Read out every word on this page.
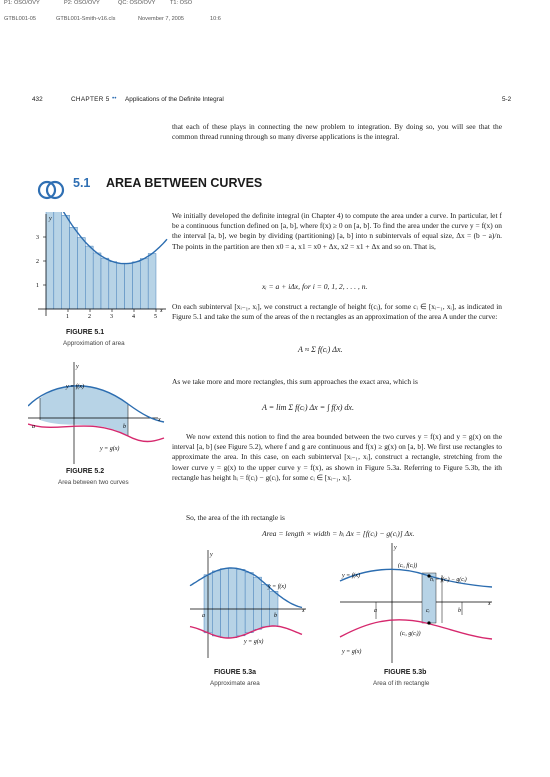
P1: OSO/OVY	P2: OSO/OVY	QC: OSO/OVY	T1: OSO
GTBL001-05	GTBL001-Smith-v16.cls	November 7, 2005	10:6
432	CHAPTER 5 •• Applications of the Definite Integral	5-2
that each of these plays in connecting the new problem to integration. By doing so, you will see that the common thread running through so many diverse applications is the integral.
5.1 AREA BETWEEN CURVES
We initially developed the definite integral (in Chapter 4) to compute the area under a curve. In particular, let f be a continuous function defined on [a, b], where f(x) ≥ 0 on [a, b]. To find the area under the curve y = f(x) on the interval [a, b], we begin by dividing (partitioning) [a, b] into n subintervals of equal size, Δx = (b − a)/n. The points in the partition are then x0 = a, x1 = x0 + Δx, x2 = x1 + Δx and so on. That is,
xᵢ = a + iΔx, for i = 0, 1, 2, . . . , n.
On each subinterval [xᵢ₋₁, xᵢ], we construct a rectangle of height f(cᵢ), for some cᵢ ∈ [xᵢ₋₁, xᵢ], as indicated in Figure 5.1 and take the sum of the areas of the n rectangles as an approximation of the area A under the curve:
A ≈ Σ f(cᵢ) Δx.
As we take more and more rectangles, this sum approaches the exact area, which is
A = lim Σ f(cᵢ) Δx = ∫ f(x) dx.
We now extend this notion to find the area bounded between the two curves y = f(x) and y = g(x) on the interval [a, b] (see Figure 5.2), where f and g are continuous and f(x) ≥ g(x) on [a, b]. We first use rectangles to approximate the area. In this case, on each subinterval [xᵢ₋₁, xᵢ], construct a rectangle, stretching from the lower curve y = g(x) to the upper curve y = f(x), as shown in Figure 5.3a. Referring to Figure 5.3b, the ith rectangle has height hᵢ = f(cᵢ) − g(cᵢ), for some cᵢ ∈ [xᵢ₋₁, xᵢ].
So, the area of the ith rectangle is
Area = length × width = hᵢ Δx = [f(cᵢ) − g(cᵢ)] Δx.
1
2
3
1	2	3	4	5
y
x
FIGURE 5.1
Approximation of area
y
x
a	b
y = f(x)
y = g(x)
FIGURE 5.2
Area between two curves
y
x
a	b
y = f(x)
y = g(x)
FIGURE 5.3a
Approximate area
y
x
a	b
cᵢ
(cᵢ, f(cᵢ))
(cᵢ, g(cᵢ))
hᵢ = f(cᵢ) − g(cᵢ)
y = f(x)
y = g(x)
FIGURE 5.3b
Area of ith rectangle
